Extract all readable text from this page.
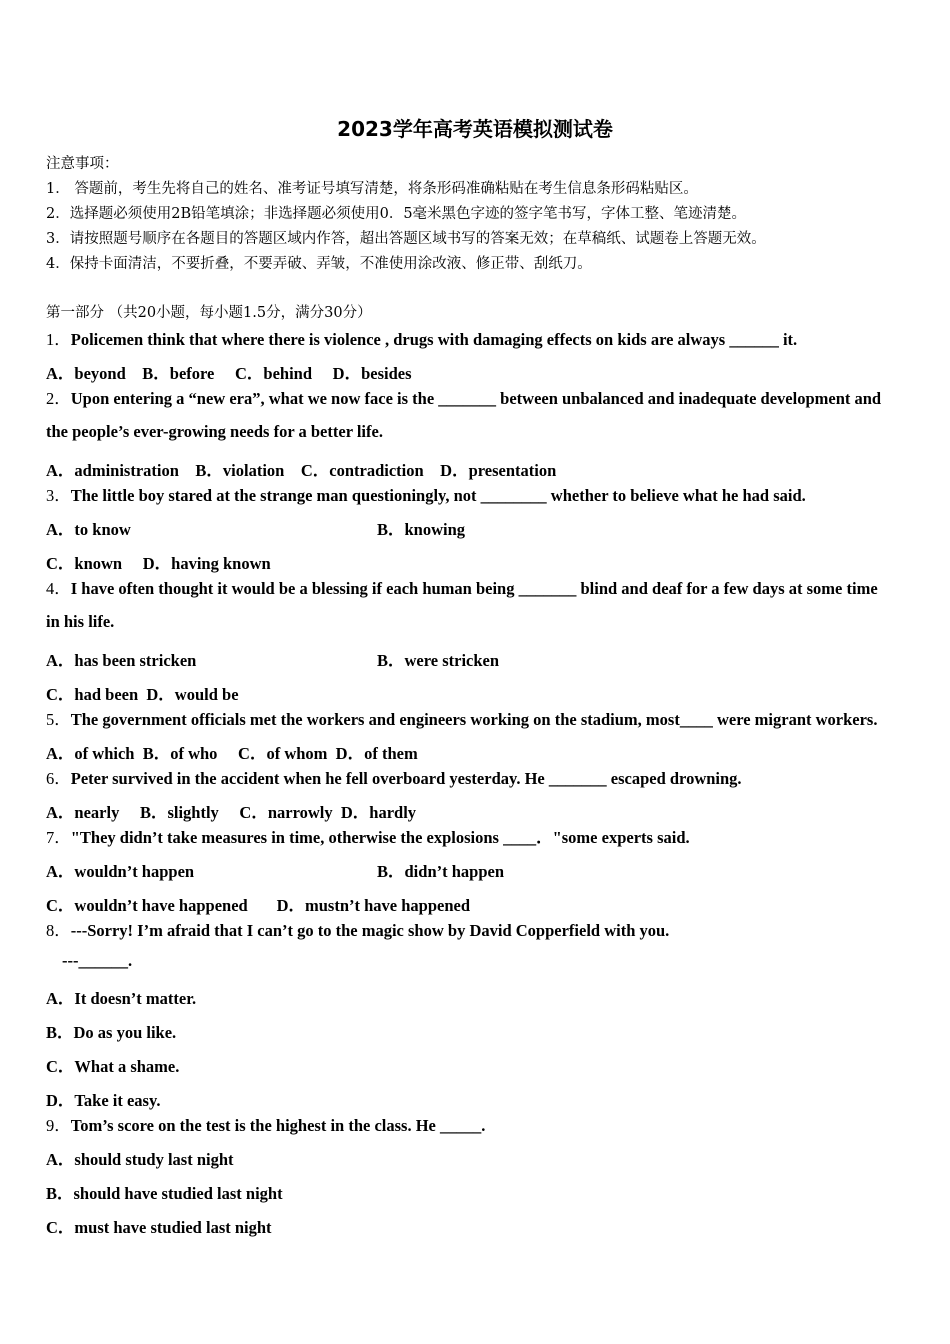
2023学年高考英语模拟测试卷
注意事项：
1． 答题前，考生先将自己的姓名、准考证号填写清楚，将条形码准确粘贴在考生信息条形码粘贴区。
2．选择题必须使用2B铅笔填涂；非选择题必须使用0．5毫米黑色字迹的签字笔书写，字体工整、笔迹清楚。
3．请按照题号顺序在各题目的答题区域内作答，超出答题区域书写的答案无效；在草稿纸、试题卷上答题无效。
4．保持卡面清洁，不要折叠，不要弄破、弄皱，不准使用涂改液、修正带、刮纸刀。
第一部分 （共20小题，每小题1.5分，满分30分）
1．Policemen think that where there is violence , drugs with damaging effects on kids are always ______ it.
A．beyond    B．before     C．behind     D．besides
2．Upon entering a “new era”, what we now face is the _______ between unbalanced and inadequate development and
the people’s ever-growing needs for a better life.
A．administration    B．violation    C．contradiction    D．presentation
3．The little boy stared at the strange man questioningly, not ________ whether to believe what he had said.
A．to know	B．knowing
C．known     D．having known
4．I have often thought it would be a blessing if each human being _______ blind and deaf for a few days at some time
in his life.
A．has been stricken	B．were stricken
C．had been  D．would be
5．The government officials met the workers and engineers working on the stadium, most____ were migrant workers.
A．of which  B．of who     C．of whom  D．of them
6．Peter survived in the accident when he fell overboard yesterday. He _______ escaped drowning.
A．nearly     B．slightly     C．narrowly  D．hardly
7．"They didn’t take measures in time, otherwise the explosions ____．"some experts said.
A．wouldn’t happen	B．didn’t happen
C．wouldn’t have happened       D．mustn’t have happened
8．---Sorry! I’m afraid that I can’t go to the magic show by David Copperfield with you.
---______.
A．It doesn’t matter.
B．Do as you like.
C．What a shame.
D．Take it easy.
9．Tom’s score on the test is the highest in the class. He _____.
A．should study last night
B．should have studied last night
C．must have studied last night
